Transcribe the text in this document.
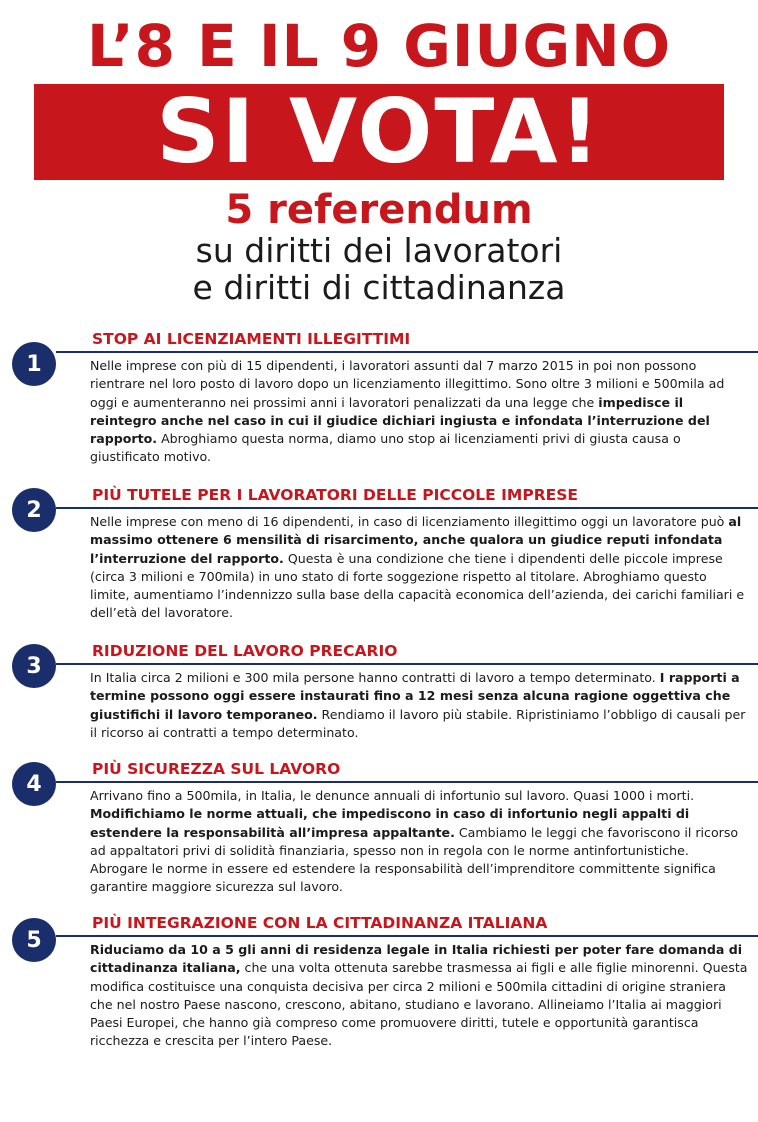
L’8 E IL 9 GIUGNO
SI VOTA!
5 referendum
su diritti dei lavoratori
e diritti di cittadinanza
1
STOP AI LICENZIAMENTI ILLEGITTIMI
Nelle imprese con più di 15 dipendenti, i lavoratori assunti dal 7 marzo 2015 in poi non possono rientrare nel loro posto di lavoro dopo un licenziamento illegittimo. Sono oltre 3 milioni e 500mila ad oggi e aumenteranno nei prossimi anni i lavoratori penalizzati da una legge che impedisce il reintegro anche nel caso in cui il giudice dichiari ingiusta e infondata l’interruzione del rapporto. Abroghiamo questa norma, diamo uno stop ai licenziamenti privi di giusta causa o giustificato motivo.
2
PIÙ TUTELE PER I LAVORATORI DELLE PICCOLE IMPRESE
Nelle imprese con meno di 16 dipendenti, in caso di licenziamento illegittimo oggi un lavoratore può al massimo ottenere 6 mensilità di risarcimento, anche qualora un giudice reputi infondata l’interruzione del rapporto. Questa è una condizione che tiene i dipendenti delle piccole imprese (circa 3 milioni e 700mila) in uno stato di forte soggezione rispetto al titolare. Abroghiamo questo limite, aumentiamo l’indennizzo sulla base della capacità economica dell’azienda, dei carichi familiari e dell’età del lavoratore.
3
RIDUZIONE DEL LAVORO PRECARIO
In Italia circa 2 milioni e 300 mila persone hanno contratti di lavoro a tempo determinato. I rapporti a termine possono oggi essere instaurati fino a 12 mesi senza alcuna ragione oggettiva che giustifichi il lavoro temporaneo. Rendiamo il lavoro più stabile. Ripristiniamo l’obbligo di causali per il ricorso ai contratti a tempo determinato.
4
PIÙ SICUREZZA SUL LAVORO
Arrivano fino a 500mila, in Italia, le denunce annuali di infortunio sul lavoro. Quasi 1000 i morti. Modifichiamo le norme attuali, che impediscono in caso di infortunio negli appalti di estendere la responsabilità all’impresa appaltante. Cambiamo le leggi che favoriscono il ricorso ad appaltatori privi di solidità finanziaria, spesso non in regola con le norme antinfortunistiche. Abrogare le norme in essere ed estendere la responsabilità dell’imprenditore committente significa garantire maggiore sicurezza sul lavoro.
5
PIÙ INTEGRAZIONE CON LA CITTADINANZA ITALIANA
Riduciamo da 10 a 5 gli anni di residenza legale in Italia richiesti per poter fare domanda di cittadinanza italiana, che una volta ottenuta sarebbe trasmessa ai figli e alle figlie minorenni. Questa modifica costituisce una conquista decisiva per circa 2 milioni e 500mila cittadini di origine straniera che nel nostro Paese nascono, crescono, abitano, studiano e lavorano. Allineiamo l’Italia ai maggiori Paesi Europei, che hanno già compreso come promuovere diritti, tutele e opportunità garantisca ricchezza e crescita per l’intero Paese.
